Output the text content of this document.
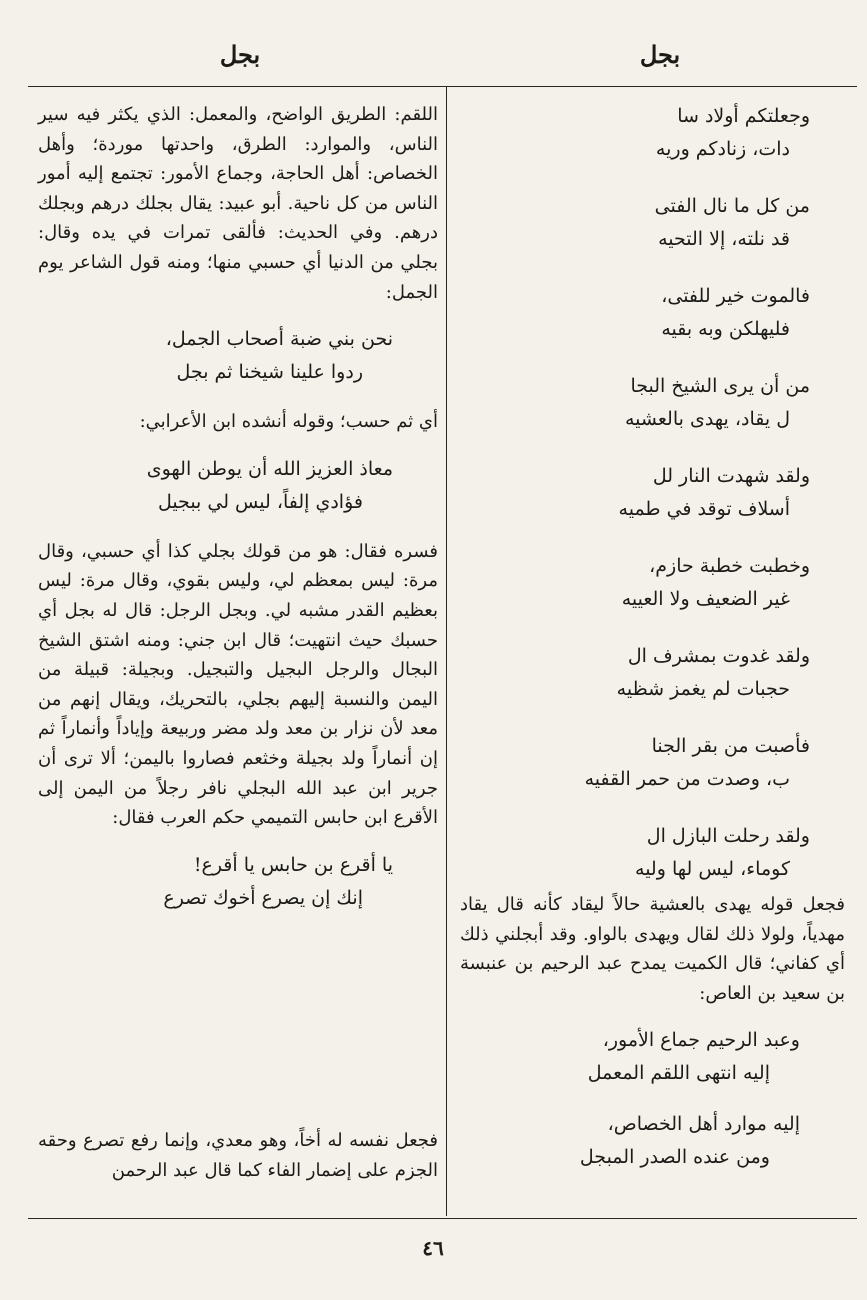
بجل
بجل
وجعلتكم أولاد سا
دات، زنادكم وريه
من كل ما نال الفتى
قد نلته، إلا التحيه
فالموت خير للفتى،
فليهلكن وبه بقيه
من أن يرى الشيخ البجا
ل يقاد، يهدى بالعشيه
ولقد شهدت النار لل
أسلاف توقد في طميه
وخطبت خطبة حازم،
غير الضعيف ولا العييه
ولقد غدوت بمشرف ال
حجبات لم يغمز شظيه
فأصبت من بقر الجنا
ب، وصدت من حمر القفيه
ولقد رحلت البازل ال
كوماء، ليس لها وليه

فجعل قوله يهدى بالعشية حالاً ليقاد كأنه قال يقاد مهدياً، ولولا ذلك لقال ويهدى بالواو. وقد أبجلني ذلك أي كفاني؛ قال الكميت يمدح عبد الرحيم بن عنبسة بن سعيد بن العاص:

وعبد الرحيم جماع الأمور،
إليه انتهى اللقم المعمل
إليه موارد أهل الخصاص،
ومن عنده الصدر المبجل

اللقم: الطريق الواضح، والمعمل: الذي يكثر فيه سير الناس، والموارد: الطرق، واحدتها موردة؛ وأهل الخصاص: أهل الحاجة، وجماع الأمور: تجتمع إليه أمور الناس من كل ناحية. أبو عبيد: يقال بجلك درهم وبجلك درهم. وفي الحديث: فألقى تمرات في يده وقال: بجلي من الدنيا أي حسبي منها؛ ومنه قول الشاعر يوم الجمل:

نحن بني ضبة أصحاب الجمل،
ردوا علينا شيخنا ثم بجل

أي ثم حسب؛ وقوله أنشده ابن الأعرابي:

معاذ العزيز الله أن يوطن الهوى
فؤادي إلفاً، ليس لي ببجيل

فسره فقال: هو من قولك بجلي كذا أي حسبي، وقال مرة: ليس بمعظم لي، وليس بقوي، وقال مرة: ليس بعظيم القدر مشبه لي. وبجل الرجل: قال له بجل أي حسبك حيث انتهيت؛ قال ابن جني: ومنه اشتق الشيخ البجال والرجل البجيل والتبجيل. وبجيلة: قبيلة من اليمن والنسبة إليهم بجلي، بالتحريك، ويقال إنهم من معد لأن نزار بن معد ولد مضر وربيعة وإياداً وأنماراً ثم إن أنماراً ولد بجيلة وخثعم فصاروا باليمن؛ ألا ترى أن جرير ابن عبد الله البجلي نافر رجلاً من اليمن إلى الأقرع ابن حابس التميمي حكم العرب فقال:

يا أقرع بن حابس يا أقرع!
إنك إن يصرع أخوك تصرع

فجعل نفسه له أخاً، وهو معدي، وإنما رفع تصرع وحقه الجزم على إضمار الفاء كما قال عبد الرحمن

٤٦
